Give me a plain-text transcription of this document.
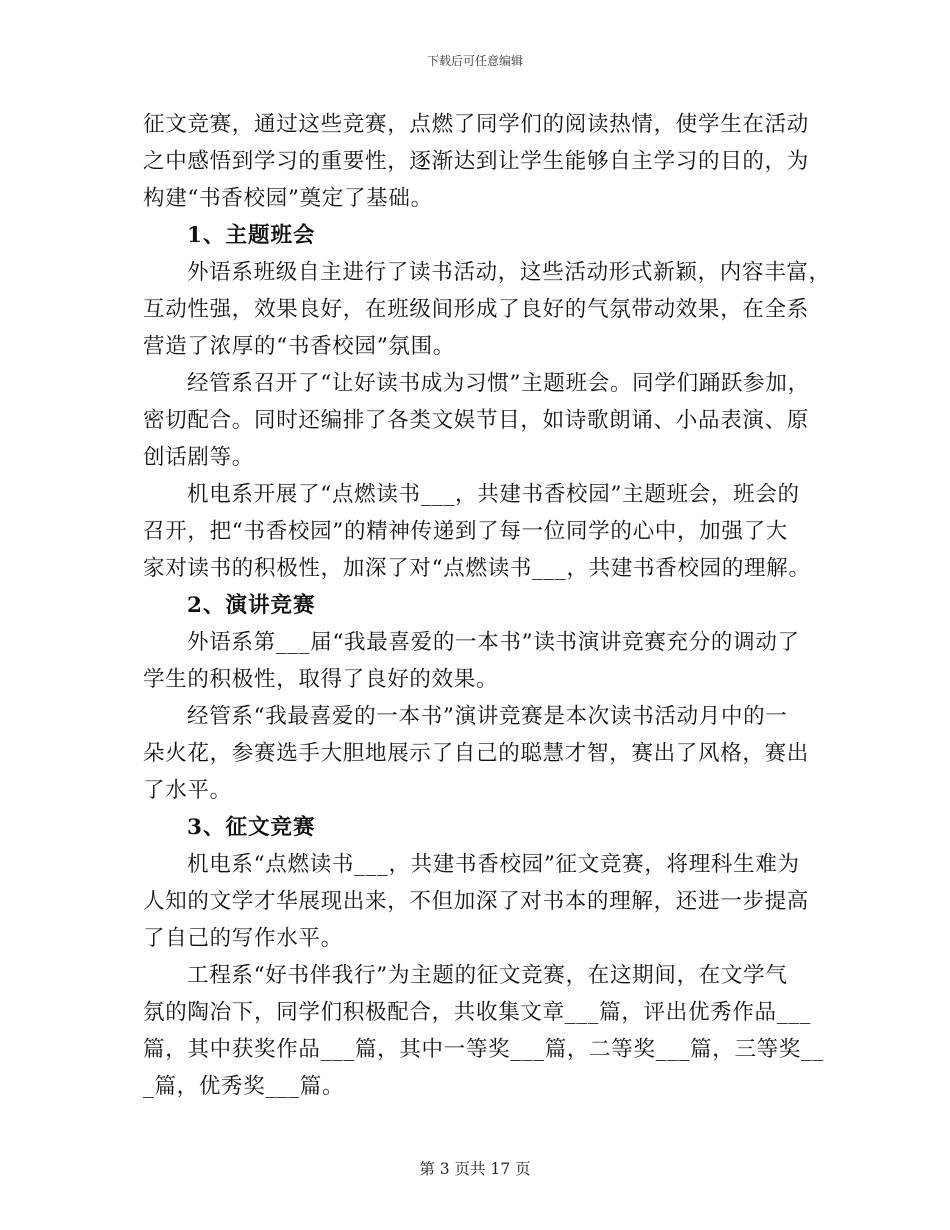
下载后可任意编辑
征文竞赛，通过这些竞赛，点燃了同学们的阅读热情，使学生在活动
之中感悟到学习的重要性，逐渐达到让学生能够自主学习的目的，为
构建“书香校园”奠定了基础。
1、主题班会
外语系班级自主进行了读书活动，这些活动形式新颖，内容丰富，
互动性强，效果良好，在班级间形成了良好的气氛带动效果，在全系
营造了浓厚的“书香校园”氛围。
经管系召开了“让好读书成为习惯”主题班会。同学们踊跃参加，
密切配合。同时还编排了各类文娱节目，如诗歌朗诵、小品表演、原
创话剧等。
机电系开展了“点燃读书___，共建书香校园”主题班会，班会的
召开，把“书香校园”的精神传递到了每一位同学的心中，加强了大
家对读书的积极性，加深了对“点燃读书___，共建书香校园的理解。
2、演讲竞赛
外语系第___届“我最喜爱的一本书”读书演讲竞赛充分的调动了
学生的积极性，取得了良好的效果。
经管系“我最喜爱的一本书”演讲竞赛是本次读书活动月中的一
朵火花，参赛选手大胆地展示了自己的聪慧才智，赛出了风格，赛出
了水平。
3、征文竞赛
机电系“点燃读书___，共建书香校园”征文竞赛，将理科生难为
人知的文学才华展现出来，不但加深了对书本的理解，还进一步提高
了自己的写作水平。
工程系“好书伴我行”为主题的征文竞赛，在这期间，在文学气
氛的陶冶下，同学们积极配合，共收集文章___篇，评出优秀作品___
篇，其中获奖作品___篇，其中一等奖___篇，二等奖___篇，三等奖__
_篇，优秀奖___篇。
第 3 页共 17 页
